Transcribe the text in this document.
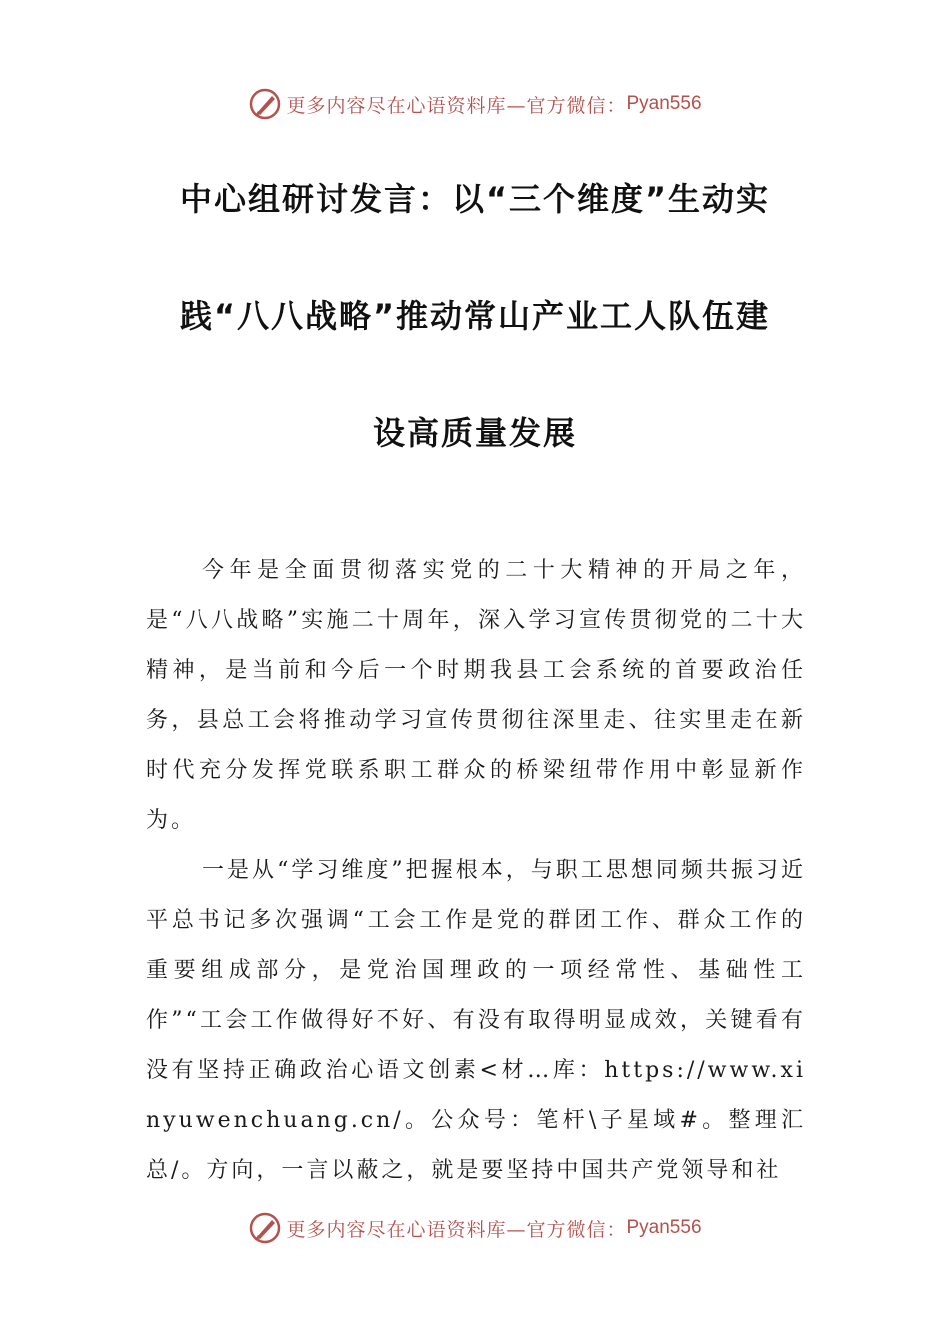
更多内容尽在心语资料库—官方微信： Pyan556
中心组研讨发言：以“三个维度”生动实
践“八八战略”推动常山产业工人队伍建
设高质量发展

今年是全面贯彻落实党的二十大精神的开局之年，是“八八战略”实施二十周年，深入学习宣传贯彻党的二十大精神，是当前和今后一个时期我县工会系统的首要政治任务，县总工会将推动学习宣传贯彻往深里走、往实里走在新时代充分发挥党联系职工群众的桥梁纽带作用中彰显新作为。

一是从“学习维度”把握根本，与职工思想同频共振习近平总书记多次强调“工会工作是党的群团工作、群众工作的重要组成部分，是党治国理政的一项经常性、基础性工作”“工会工作做得好不好、有没有取得明显成效，关键看有没有坚持正确政治心语文创素<材…库：https://www.xinyuwenchuang.cn/。公众号：笔杆\子星域#。整理汇总/。方向，一言以蔽之，就是要坚持中国共产党领导和社

更多内容尽在心语资料库—官方微信： Pyan556
